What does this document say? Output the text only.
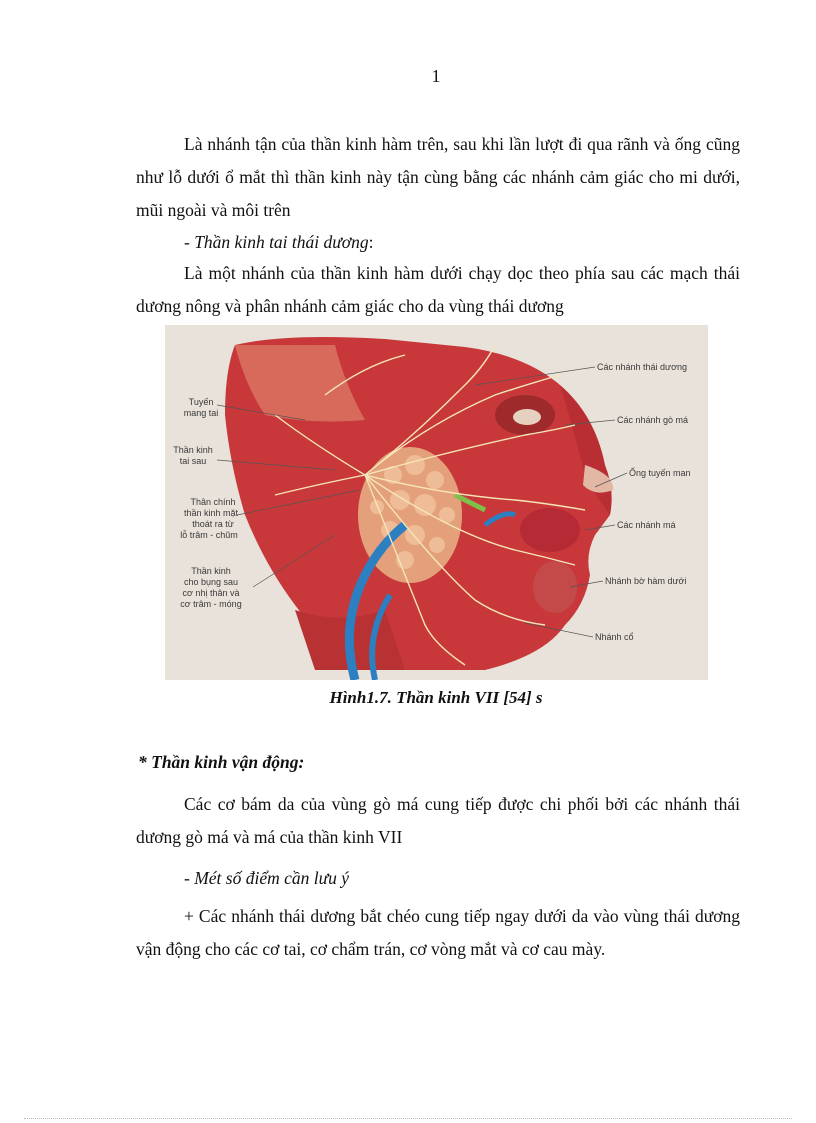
1

Là nhánh tận của thần kinh hàm trên, sau khi lần lượt đi qua rãnh và ống cũng như lỗ dưới ổ mắt thì thần kinh này tận cùng bằng các nhánh cảm giác cho mi dưới, mũi ngoài và môi trên

- Thần kinh tai thái dương:

Là một nhánh của thần kinh hàm dưới chạy dọc theo phía sau các mạch thái dương nông và phân nhánh cảm giác cho da vùng thái dương

Tuyến
mang tai
Thần kinh
tai sau
Thân chính
thần kinh mặt
thoát ra từ
lỗ trâm - chũm
Thần kinh
cho bụng sau
cơ nhị thân và
cơ trâm - móng
Các nhánh thái dương
Các nhánh gò má
Ống tuyến man
Các nhánh má
Nhánh bờ hàm dưới
Nhánh cổ
Hình1.7. Thần kinh VII [54] s
* Thần kinh vận động:

Các cơ bám da của vùng gò má cung tiếp được chi phối bởi các nhánh thái dương gò má và má của thần kinh VII

- Mét số điểm cần lưu ý

+ Các nhánh thái dương bắt chéo cung tiếp ngay dưới da vào vùng thái dương vận động cho các cơ tai, cơ chẩm trán, cơ vòng mắt và cơ cau mày.
